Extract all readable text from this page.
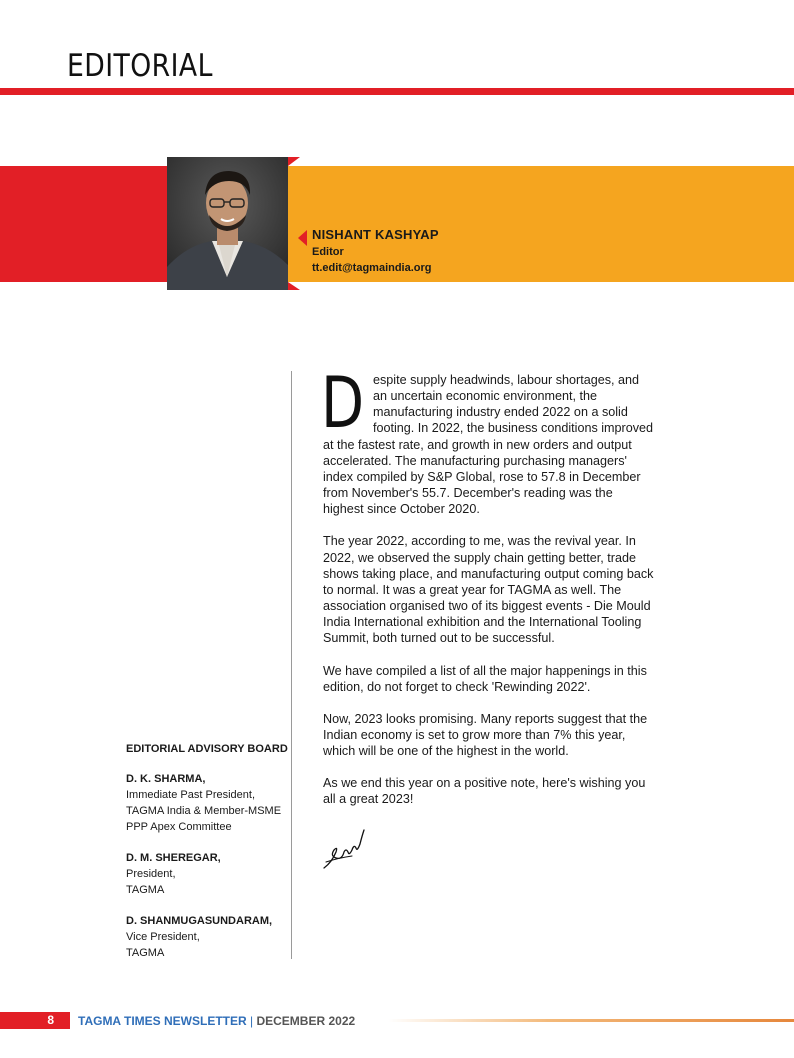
EDITORIAL
NISHANT KASHYAP
Editor
tt.edit@tagmaindia.org

Despite supply headwinds, labour shortages, and an uncertain economic environment, the manufacturing industry ended 2022 on a solid footing. In 2022, the business conditions improved at the fastest rate, and growth in new orders and output accelerated. The manufacturing purchasing managers' index compiled by S&P Global, rose to 57.8 in December from November's 55.7. December's reading was the highest since October 2020.

The year 2022, according to me, was the revival year. In 2022, we observed the supply chain getting better, trade shows taking place, and manufacturing output coming back to normal. It was a great year for TAGMA as well. The association organised two of its biggest events - Die Mould India International exhibition and the International Tooling Summit, both turned out to be successful.

We have compiled a list of all the major happenings in this edition, do not forget to check 'Rewinding 2022'.

Now, 2023 looks promising. Many reports suggest that the Indian economy is set to grow more than 7% this year, which will be one of the highest in the world.

As we end this year on a positive note, here's wishing you all a great 2023!

EDITORIAL ADVISORY BOARD
D. K. SHARMA,
Immediate Past President,
TAGMA India & Member-MSME
PPP Apex Committee
D. M. SHEREGAR,
President,
TAGMA
D. SHANMUGASUNDARAM,
Vice President,
TAGMA
8	TAGMA TIMES NEWSLETTER | DECEMBER 2022
